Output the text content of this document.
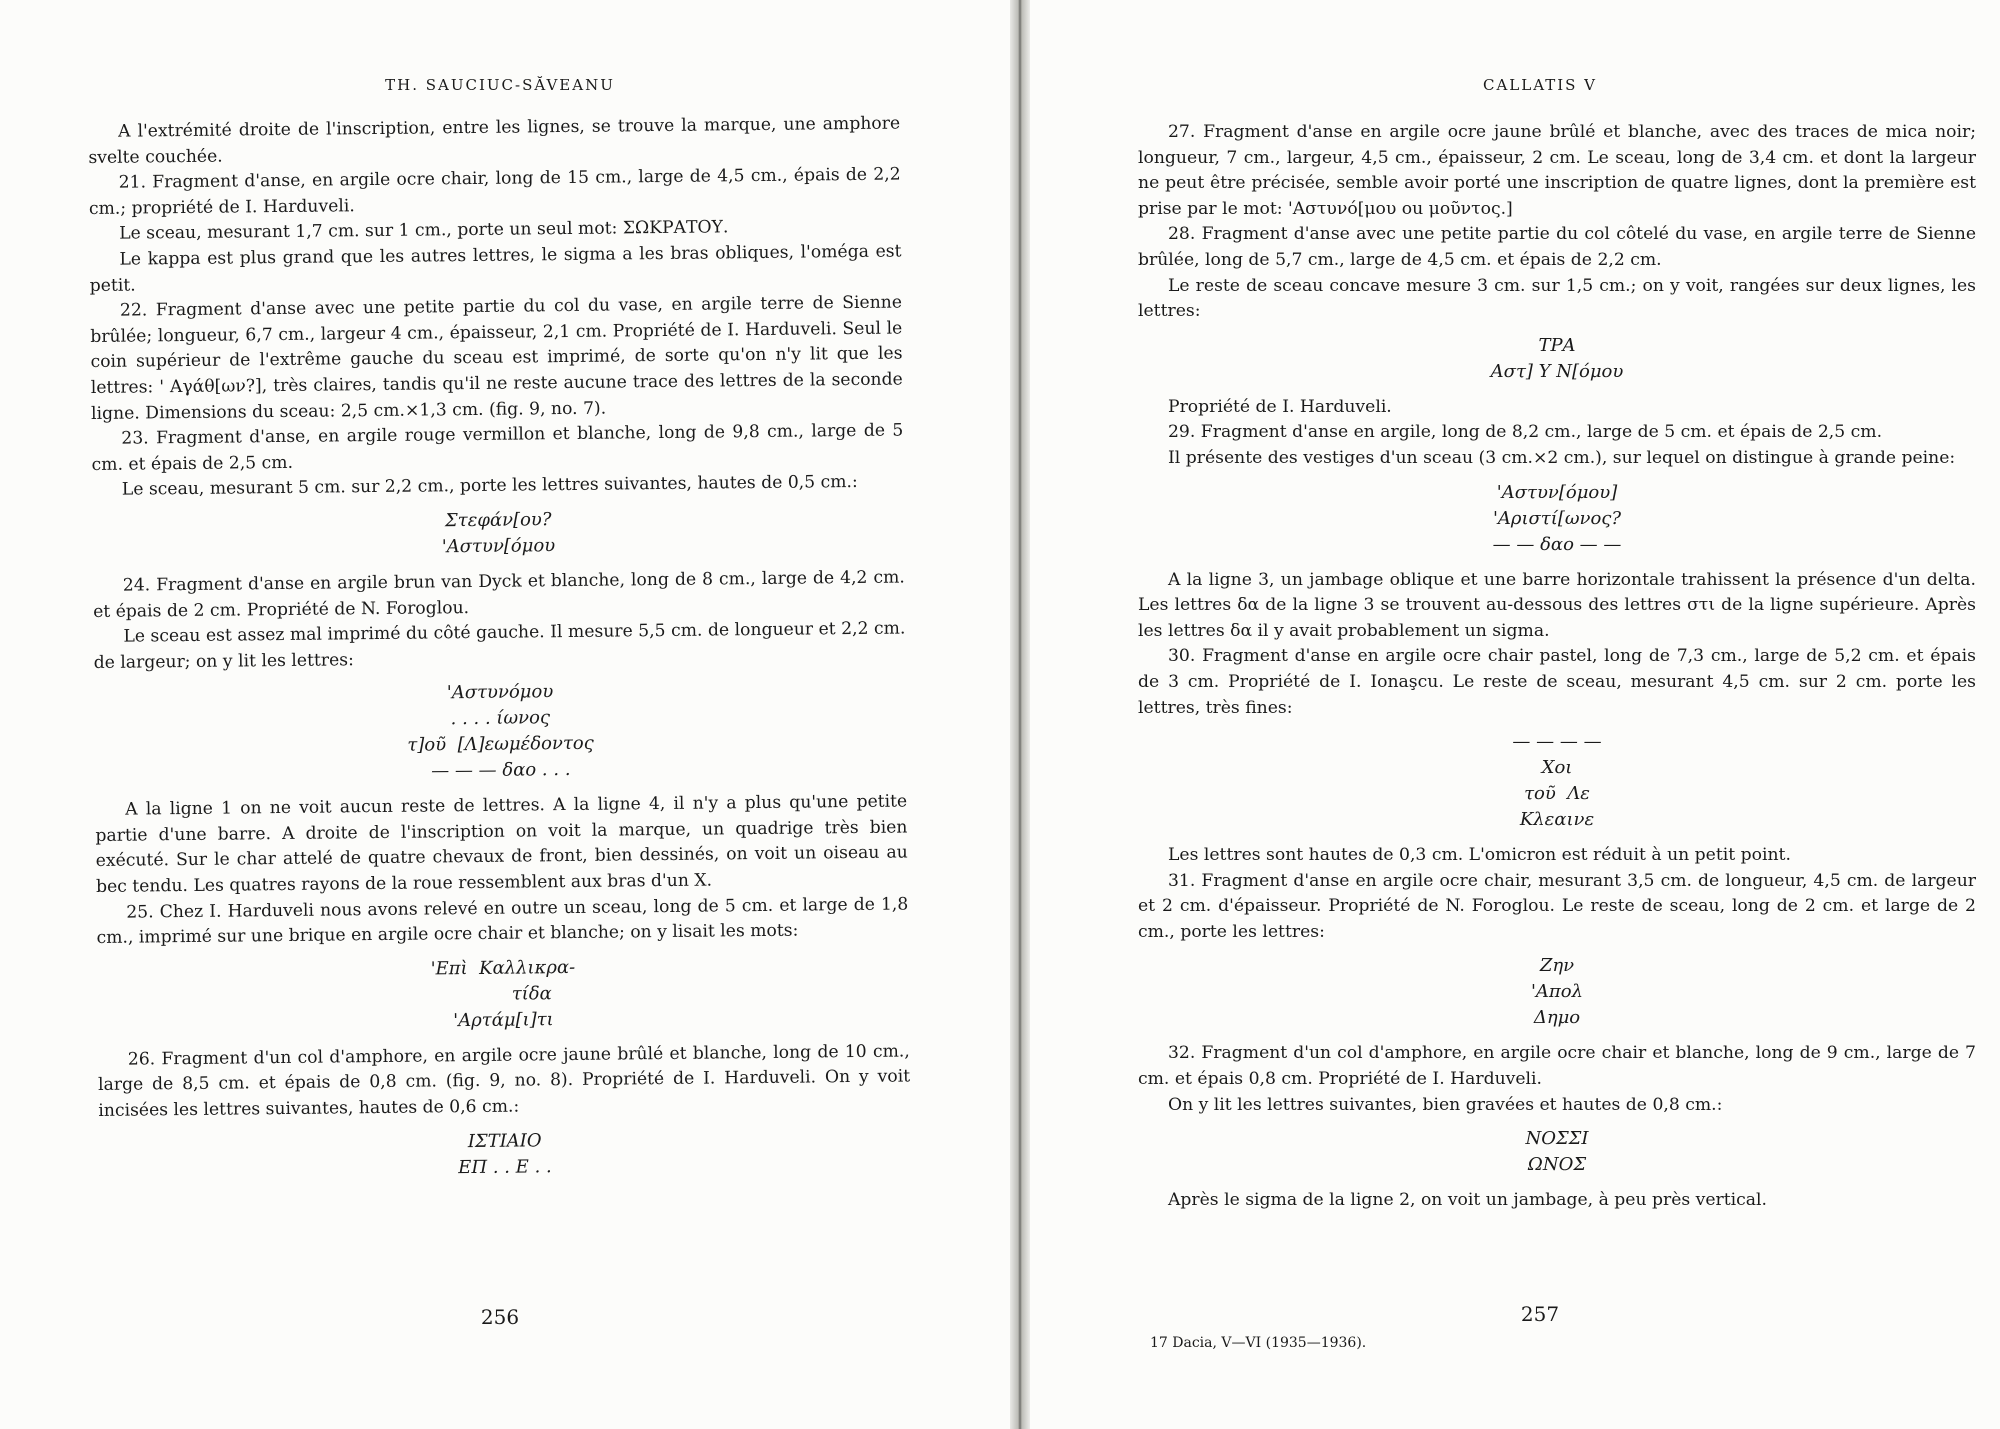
TH. SAUCIUC-SĂVEANU

A l'extrémité droite de l'inscription, entre les lignes, se trouve la marque, une amphore svelte couchée.

21. Fragment d'anse, en argile ocre chair, long de 15 cm., large de 4,5 cm., épais de 2,2 cm.; propriété de I. Harduveli.

Le sceau, mesurant 1,7 cm. sur 1 cm., porte un seul mot: ΣΩΚΡΑΤΟΥ.

Le kappa est plus grand que les autres lettres, le sigma a les bras obliques, l'oméga est petit.

22. Fragment d'anse avec une petite partie du col du vase, en argile terre de Sienne brûlée; longueur, 6,7 cm., largeur 4 cm., épaisseur, 2,1 cm. Propriété de I. Harduveli. Seul le coin supérieur de l'extrême gauche du sceau est imprimé, de sorte qu'on n'y lit que les lettres: ' Αγάθ[ων?], très claires, tandis qu'il ne reste aucune trace des lettres de la seconde ligne. Dimensions du sceau: 2,5 cm.×1,3 cm. (fig. 9, no. 7).

23. Fragment d'anse, en argile rouge vermillon et blanche, long de 9,8 cm., large de 5 cm. et épais de 2,5 cm.

Le sceau, mesurant 5 cm. sur 2,2 cm., porte les lettres suivantes, hautes de 0,5 cm.:

Στεφάν[ου?
'Αστυν[όμου

24. Fragment d'anse en argile brun van Dyck et blanche, long de 8 cm., large de 4,2 cm. et épais de 2 cm. Propriété de N. Foroglou.

Le sceau est assez mal imprimé du côté gauche. Il mesure 5,5 cm. de longueur et 2,2 cm. de largeur; on y lit les lettres:

'Αστυνόμου
. . . . ίωνος
τ]οῦ  [Λ]εωμέδοντος
— — — δαο . . .

A la ligne 1 on ne voit aucun reste de lettres. A la ligne 4, il n'y a plus qu'une petite partie d'une barre. A droite de l'inscription on voit la marque, un quadrige très bien exécuté. Sur le char attelé de quatre chevaux de front, bien dessinés, on voit un oiseau au bec tendu. Les quatres rayons de la roue ressemblent aux bras d'un X.

25. Chez I. Harduveli nous avons relevé en outre un sceau, long de 5 cm. et large de 1,8 cm., imprimé sur une brique en argile ocre chair et blanche; on y lisait les mots:

'Επὶ  Καλλικρα-
τίδα
'Αρτάμ[ι]τι

26. Fragment d'un col d'amphore, en argile ocre jaune brûlé et blanche, long de 10 cm., large de 8,5 cm. et épais de 0,8 cm. (fig. 9, no. 8). Propriété de I. Harduveli. On y voit incisées les lettres suivantes, hautes de 0,6 cm.:

ΙΣΤΙΑΙΟ
ΕΠ . . Ε . .
256
CALLATIS V

27. Fragment d'anse en argile ocre jaune brûlé et blanche, avec des traces de mica noir; longueur, 7 cm., largeur, 4,5 cm., épaisseur, 2 cm. Le sceau, long de 3,4 cm. et dont la largeur ne peut être précisée, semble avoir porté une inscription de quatre lignes, dont la première est prise par le mot: 'Αστυνό[μου ou μοῦντος.]

28. Fragment d'anse avec une petite partie du col côtelé du vase, en argile terre de Sienne brûlée, long de 5,7 cm., large de 4,5 cm. et épais de 2,2 cm.

Le reste de sceau concave mesure 3 cm. sur 1,5 cm.; on y voit, rangées sur deux lignes, les lettres:

ΤΡΑ
Αστ] Υ Ν[όμου

Propriété de I. Harduveli.

29. Fragment d'anse en argile, long de 8,2 cm., large de 5 cm. et épais de 2,5 cm.

Il présente des vestiges d'un sceau (3 cm.×2 cm.), sur lequel on distingue à grande peine:

'Αστυν[όμου]
'Αριστί[ωνος?
— — δαο — —

A la ligne 3, un jambage oblique et une barre horizontale trahissent la présence d'un delta. Les lettres δα de la ligne 3 se trouvent au-dessous des lettres στι de la ligne supérieure. Après les lettres δα il y avait probablement un sigma.

30. Fragment d'anse en argile ocre chair pastel, long de 7,3 cm., large de 5,2 cm. et épais de 3 cm. Propriété de I. Ionaşcu. Le reste de sceau, mesurant 4,5 cm. sur 2 cm. porte les lettres, très fines:

— — — —
Χοι
τοῦ  Λε
Κλεαινε

Les lettres sont hautes de 0,3 cm. L'omicron est réduit à un petit point.

31. Fragment d'anse en argile ocre chair, mesurant 3,5 cm. de longueur, 4,5 cm. de largeur et 2 cm. d'épaisseur. Propriété de N. Foroglou. Le reste de sceau, long de 2 cm. et large de 2 cm., porte les lettres:

Ζην
'Απολ
Δημο

32. Fragment d'un col d'amphore, en argile ocre chair et blanche, long de 9 cm., large de 7 cm. et épais 0,8 cm. Propriété de I. Harduveli.

On y lit les lettres suivantes, bien gravées et hautes de 0,8 cm.:

ΝΟΣΣΙ
ΩΝΟΣ

Après le sigma de la ligne 2, on voit un jambage, à peu près vertical.

257
17 Dacia, V—VI (1935—1936).
